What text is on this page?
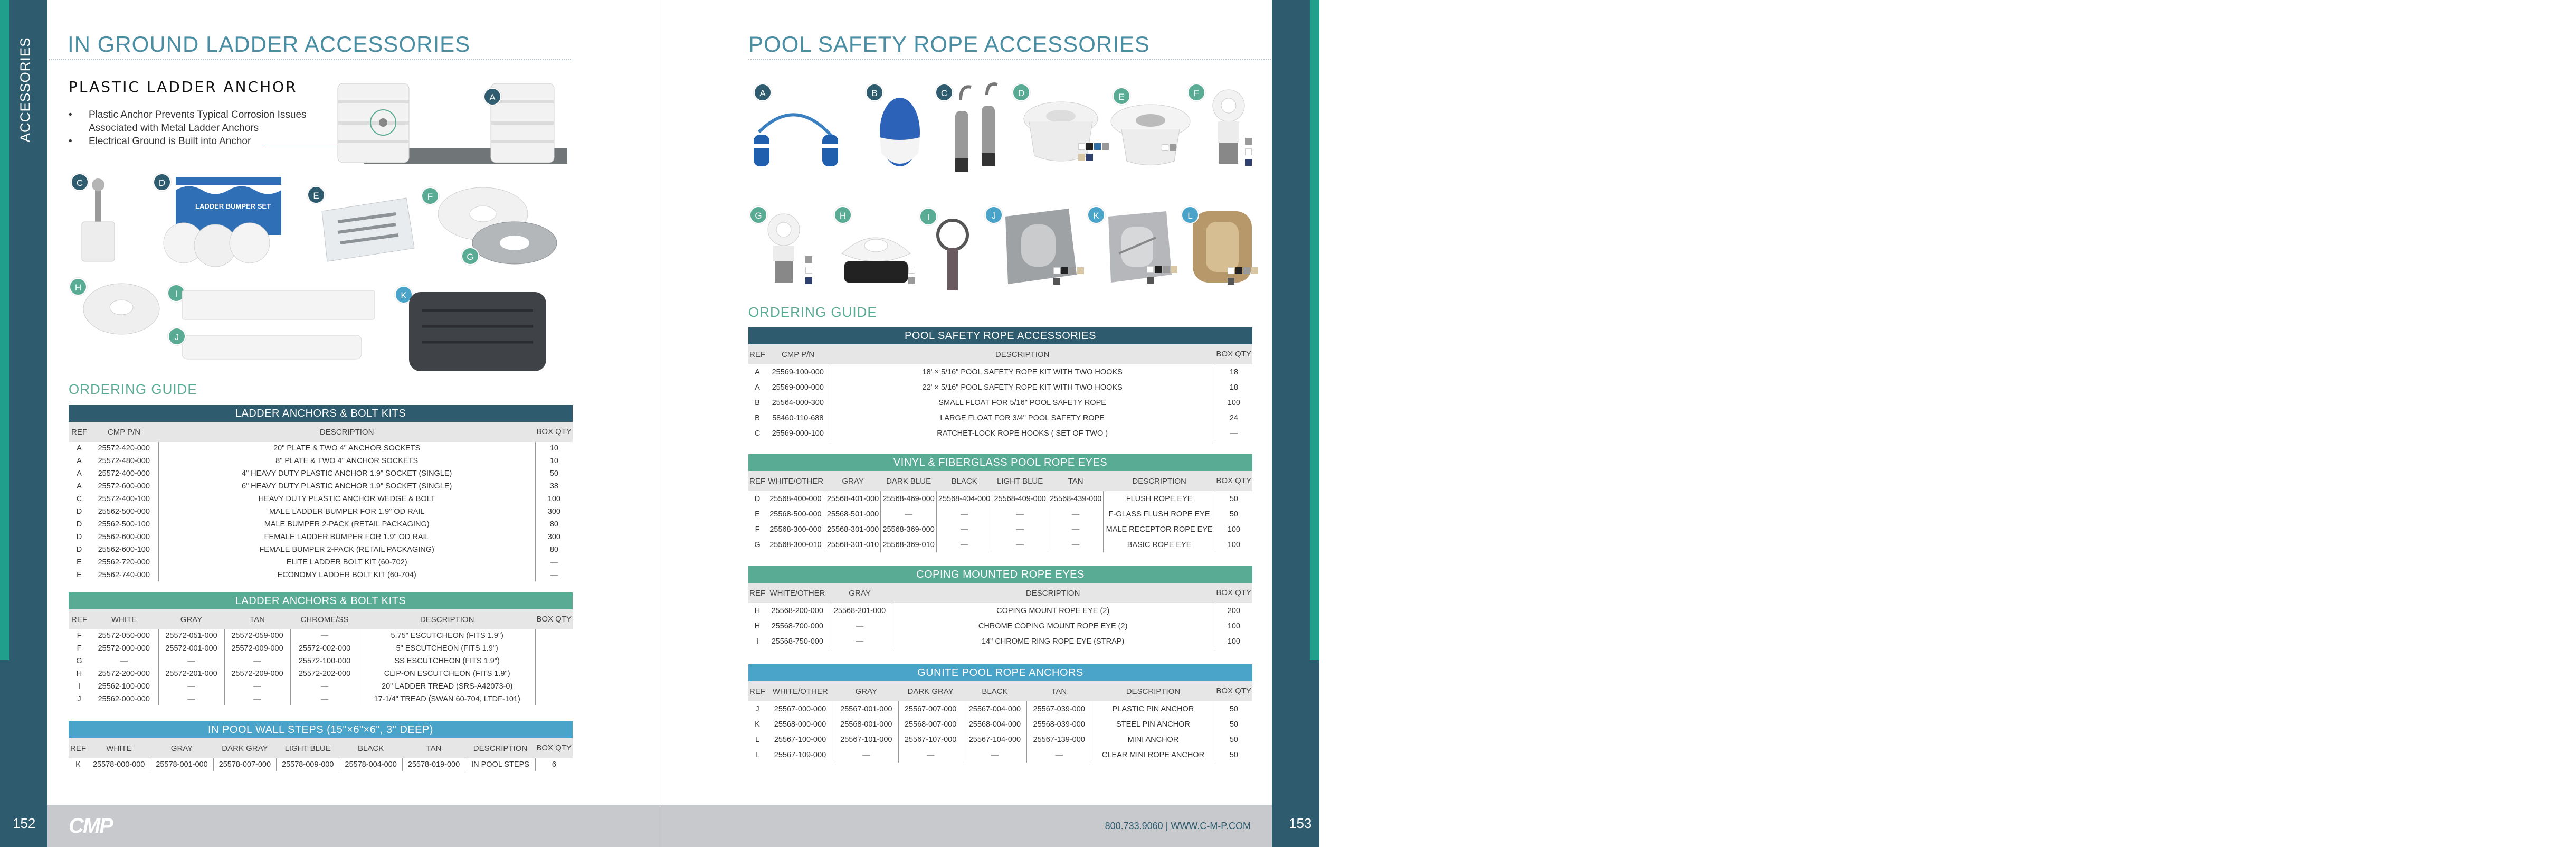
ACCESSORIES	ACCESSORIES | LADDER & ROPE ACCESSORIES
152	153
CMP	800.733.9060 | WWW.C-M-P.COM
IN GROUND LADDER ACCESSORIES
PLASTIC LADDER ANCHOR
• Plastic Anchor Prevents Typical Corrosion Issues Associated with Metal Ladder Anchors
• Electrical Ground is Built into Anchor
A
C	D
LADDER BUMPER SET
E	F
G
H
I
J
K
ORDERING GUIDE
LADDER ANCHORS & BOLT KITS			
REF	CMP P/N	DESCRIPTION	BOX QTY
A	25572-420-000	20" PLATE & TWO 4" ANCHOR SOCKETS	10
A	25572-480-000	8" PLATE & TWO 4" ANCHOR SOCKETS	10
A	25572-400-000	4" HEAVY DUTY PLASTIC ANCHOR 1.9" SOCKET (SINGLE)	50
A	25572-600-000	6" HEAVY DUTY PLASTIC ANCHOR 1.9" SOCKET (SINGLE)	38
C	25572-400-100	HEAVY DUTY PLASTIC ANCHOR WEDGE & BOLT	100
D	25562-500-000	MALE LADDER BUMPER FOR 1.9" OD RAIL	300
D	25562-500-100	MALE BUMPER 2-PACK (RETAIL PACKAGING)	80
D	25562-600-000	FEMALE LADDER BUMPER FOR 1.9" OD RAIL	300
D	25562-600-100	FEMALE BUMPER 2-PACK (RETAIL PACKAGING)	80
E	25562-720-000	ELITE LADDER BOLT KIT (60-702)	—
E	25562-740-000	ECONOMY LADDER BOLT KIT (60-704)	—
LADDER ANCHORS & BOLT KITS						
REF	WHITE	GRAY	TAN	CHROME/SS	DESCRIPTION	BOX QTY
F	25572-050-000	25572-051-000	25572-059-000	—	5.75" ESCUTCHEON (FITS 1.9")	
F	25572-000-000	25572-001-000	25572-009-000	25572-002-000	5" ESCUTCHEON (FITS 1.9")	
G	—	—	—	25572-100-000	SS ESCUTCHEON (FITS 1.9")	
H	25572-200-000	25572-201-000	25572-209-000	25572-202-000	CLIP-ON ESCUTCHEON (FITS 1.9")	
I	25562-100-000	—	—	—	20" LADDER TREAD (SRS-A42073-0)	
J	25562-000-000	—	—	—	17-1/4" TREAD (SWAN 60-704, LTDF-101)	
IN POOL WALL STEPS (15"×6"×6", 3" DEEP)								
REF	WHITE	GRAY	DARK GRAY	LIGHT BLUE	BLACK	TAN	DESCRIPTION	BOX QTY
K	25578-000-000	25578-001-000	25578-007-000	25578-009-000	25578-004-000	25578-019-000	IN POOL STEPS	6
POOL SAFETY ROPE ACCESSORIES
A	B	C	D	E	F
G	H	I	J	K	L
ORDERING GUIDE
POOL SAFETY ROPE ACCESSORIES			
REF	CMP P/N	DESCRIPTION	BOX QTY
A	25569-100-000	18' × 5/16" POOL SAFETY ROPE KIT WITH TWO HOOKS	18
A	25569-000-000	22' × 5/16" POOL SAFETY ROPE KIT WITH TWO HOOKS	18
B	25564-000-300	SMALL FLOAT FOR 5/16" POOL SAFETY ROPE	100
B	58460-110-688	LARGE FLOAT FOR 3/4" POOL SAFETY ROPE	24
C	25569-000-100	RATCHET-LOCK ROPE HOOKS ( SET OF TWO )	—
VINYL & FIBERGLASS POOL ROPE EYES								
REF	WHITE/OTHER	GRAY	DARK BLUE	BLACK	LIGHT BLUE	TAN	DESCRIPTION	BOX QTY
D	25568-400-000	25568-401-000	25568-469-000	25568-404-000	25568-409-000	25568-439-000	FLUSH ROPE EYE	50
E	25568-500-000	25568-501-000	—	—	—	—	F-GLASS FLUSH ROPE EYE	50
F	25568-300-000	25568-301-000	25568-369-000	—	—	—	MALE RECEPTOR ROPE EYE	100
G	25568-300-010	25568-301-010	25568-369-010	—	—	—	BASIC ROPE EYE	100
COPING MOUNTED ROPE EYES				
REF	WHITE/OTHER	GRAY	DESCRIPTION	BOX QTY
H	25568-200-000	25568-201-000	COPING MOUNT ROPE EYE (2)	200
H	25568-700-000	—	CHROME COPING MOUNT ROPE EYE (2)	100
I	25568-750-000	—	14" CHROME RING ROPE EYE (STRAP)	100
GUNITE POOL ROPE ANCHORS							
REF	WHITE/OTHER	GRAY	DARK GRAY	BLACK	TAN	DESCRIPTION	BOX QTY
J	25567-000-000	25567-001-000	25567-007-000	25567-004-000	25567-039-000	PLASTIC PIN ANCHOR	50
K	25568-000-000	25568-001-000	25568-007-000	25568-004-000	25568-039-000	STEEL PIN ANCHOR	50
L	25567-100-000	25567-101-000	25567-107-000	25567-104-000	25567-139-000	MINI ANCHOR	50
L	25567-109-000	—	—	—	—	CLEAR MINI ROPE ANCHOR	50
